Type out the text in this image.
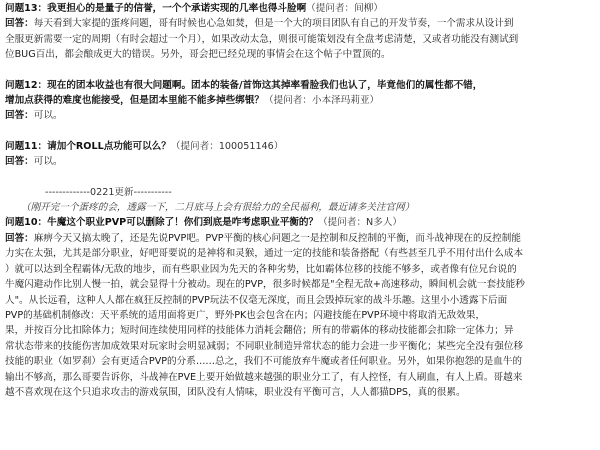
问题13：我更担心的是量子的信誉，一个个承诺实现的几率也得斗脸啊（提问者：间柳）
回答：每天看到大家提的蛋疼问题，哥有时候也心急如焚，但是一个大的项目团队有自己的开发节奏，一个需求从设计到
全服更新需要一定的周期（有时会超过一个月），如果改动太急，则很可能策划没有全盘考虑清楚，又或者功能没有测试到
位BUG百出，都会酿成更大的错误。另外，哥会把已经兑现的事情会在这个帖子中置顶的。
问题12：现在的团本收益也有很大问题啊。团本的装备/首饰这其掉率看脸我们也认了，毕竟他们的属性都不错，
增加点获得的难度也能接受，但是团本里能不能多掉些绑银？（提问者：小本泽玛莉亚）
回答：可以。
问题11：请加个ROLL点功能可以么？（提问者：100051146）
回答：可以。
-------------0221更新-----------
（刚开完一个蛋疼的会，透露一下，二月底马上会有很给力的全民福利，最近请多关注官网）
问题10：牛魔这个职业PVP可以删除了！你们到底是咋考虑职业平衡的？（提问者：N多人）
回答：麻痹今天又搞太晚了，还是先说PVP吧。PVP平衡的核心问题之一是控制和反控制的平衡，而斗战神现在的反控制能
力实在太强，尤其是部分职业，好吧哥要说的是神将和灵猴，通过一定的技能和装备搭配（有些甚至几乎不用付出什么成本
）就可以达到全程霸体/无敌的地步，而有些职业因为先天的各种劣势，比如霸体位移的技能不够多，或者像有位兄台说的
牛魔闪避动作比别人慢一拍，就会显得十分被动。现在的PVP，很多时候都是"全程无敌+高速移动，瞬间机会就一套技能秒
人"。从长远看，这种人人都在疯狂反控制的PVP玩法不仅毫无深度，而且会毁掉玩家的战斗乐趣。这里小小透露下后面
PVP的基础机制修改：天平系统的适用面将更广，野外PK也会包含在内；闪避技能在PVP环境中将取消无敌效果，
果，并按百分比扣除体力；短时间连续使用同样的技能体力消耗会翻倍；所有的带霸体的移动技能都会扣除一定体力；异
常状态带来的技能伤害加成效果对玩家时会明显减弱；不同职业制造异常状态的能力会进一步平衡化；某些完全没有强位移
技能的职业（如罗刹）会有更适合PVP的分系……总之，我们不可能放弃牛魔或者任何职业。另外，如果你抱怨的是血牛的
输出不够高，那么哥要告诉你，斗战神在PVE上要开始做越来越强的职业分工了，有人控怪，有人刷血，有人上盾。哥越来
越不喜欢现在这个只追求攻击的游戏氛围，团队没有人情味，职业没有平衡可言，人人都猫DPS，真的很累。
